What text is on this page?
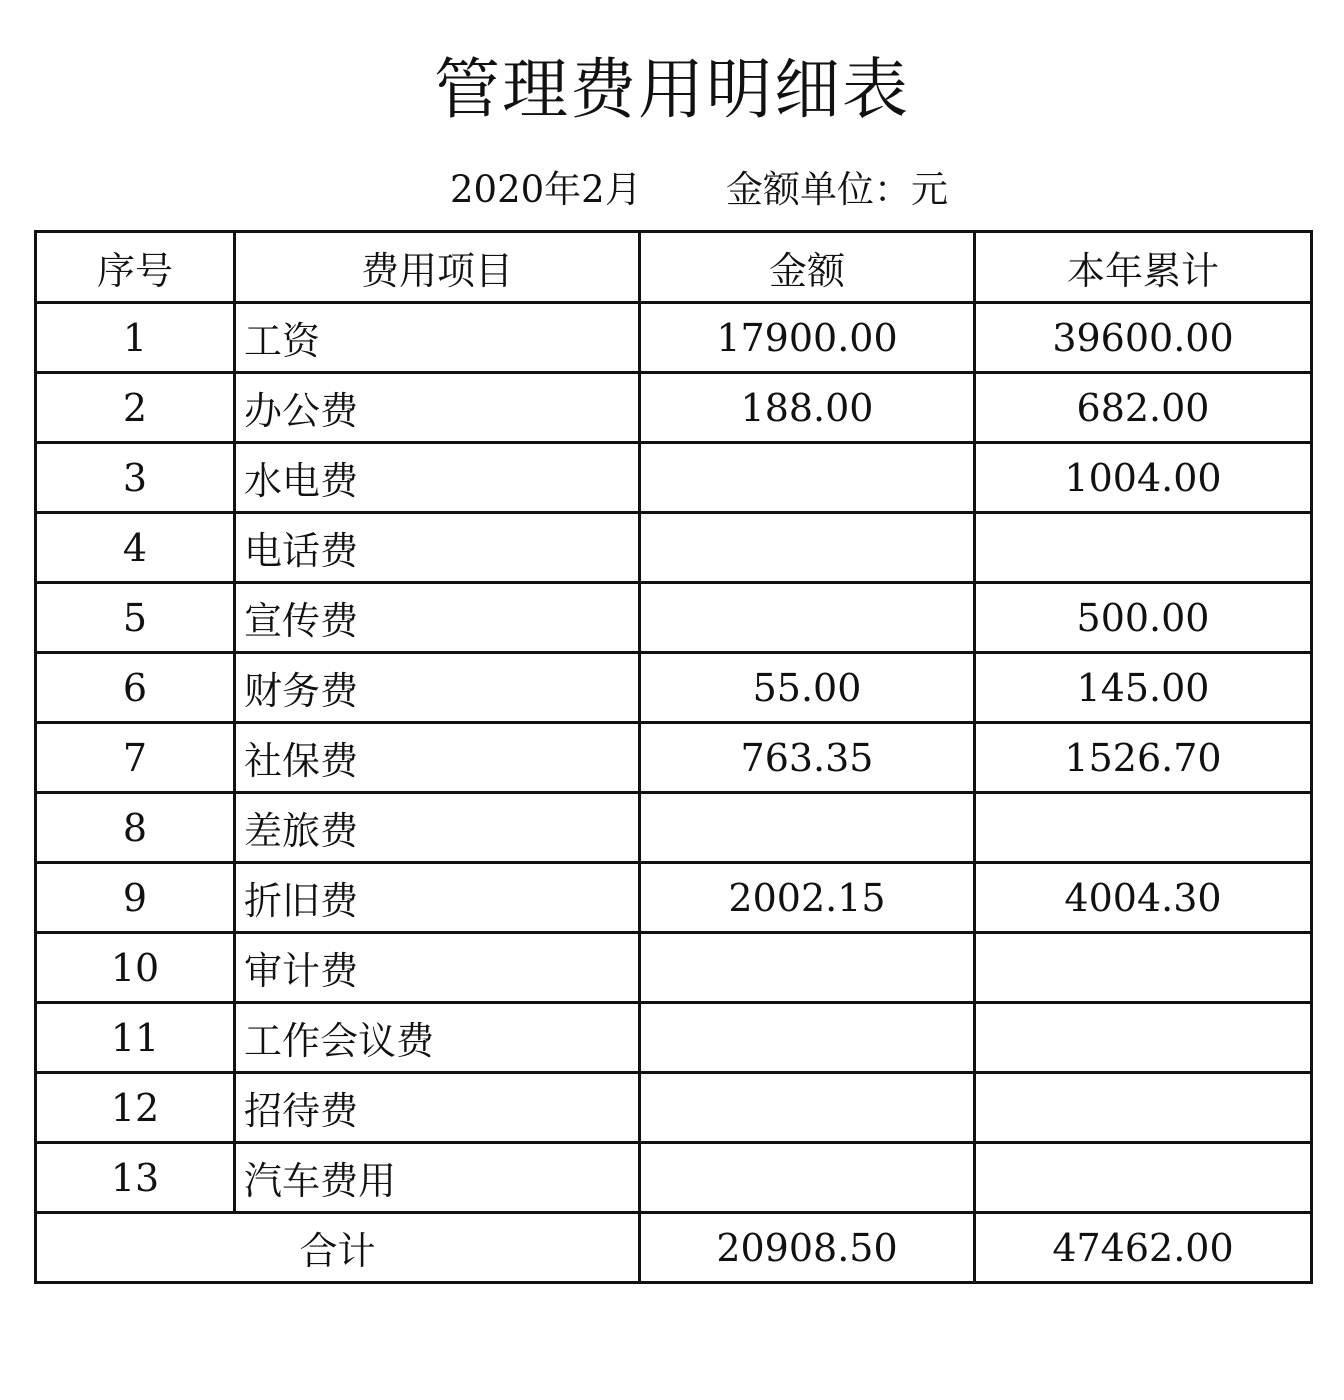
管理费用明细表
2020年2月 金额单位：元
序号	费用项目	金额	本年累计
1	工资	17900.00	39600.00
2	办公费	188.00	682.00
3	水电费		1004.00
4	电话费		
5	宣传费		500.00
6	财务费	55.00	145.00
7	社保费	763.35	1526.70
8	差旅费		
9	折旧费	2002.15	4004.30
10	审计费		
11	工作会议费		
12	招待费		
13	汽车费用		
合计		20908.50	47462.00
